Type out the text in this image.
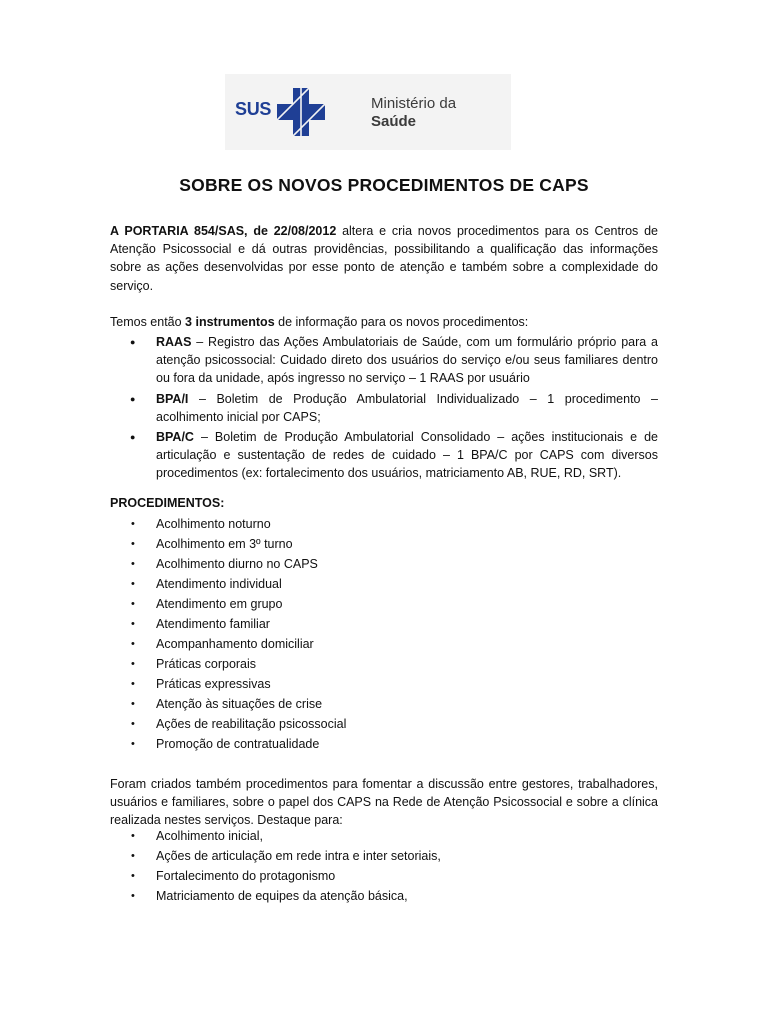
SUS	Ministério da
Saúde
SOBRE OS NOVOS PROCEDIMENTOS DE CAPS

A PORTARIA 854/SAS, de 22/08/2012 altera e cria novos procedimentos para os Centros de Atenção Psicossocial e dá outras providências, possibilitando a qualificação das informações sobre as ações desenvolvidas por esse ponto de atenção e também sobre a complexidade do serviço.

Temos então 3 instrumentos de informação para os novos procedimentos:

● RAAS – Registro das Ações Ambulatoriais de Saúde, com um formulário próprio para a atenção psicossocial: Cuidado direto dos usuários do serviço e/ou seus familiares dentro ou fora da unidade, após ingresso no serviço – 1 RAAS por usuário
● BPA/I – Boletim de Produção Ambulatorial Individualizado – 1 procedimento – acolhimento inicial por CAPS;
● BPA/C – Boletim de Produção Ambulatorial Consolidado – ações institucionais e de articulação e sustentação de redes de cuidado – 1 BPA/C por CAPS com diversos procedimentos (ex: fortalecimento dos usuários, matriciamento AB, RUE, RD, SRT).
PROCEDIMENTOS:
• Acolhimento noturno
• Acolhimento em 3º turno
• Acolhimento diurno no CAPS
• Atendimento individual
• Atendimento em grupo
• Atendimento familiar
• Acompanhamento domiciliar
• Práticas corporais
• Práticas expressivas
• Atenção às situações de crise
• Ações de reabilitação psicossocial
• Promoção de contratualidade

Foram criados também procedimentos para fomentar a discussão entre gestores, trabalhadores, usuários e familiares, sobre o papel dos CAPS na Rede de Atenção Psicossocial e sobre a clínica realizada nestes serviços. Destaque para:

• Acolhimento inicial,
• Ações de articulação em rede intra e inter setoriais,
• Fortalecimento do protagonismo
• Matriciamento de equipes da atenção básica,
